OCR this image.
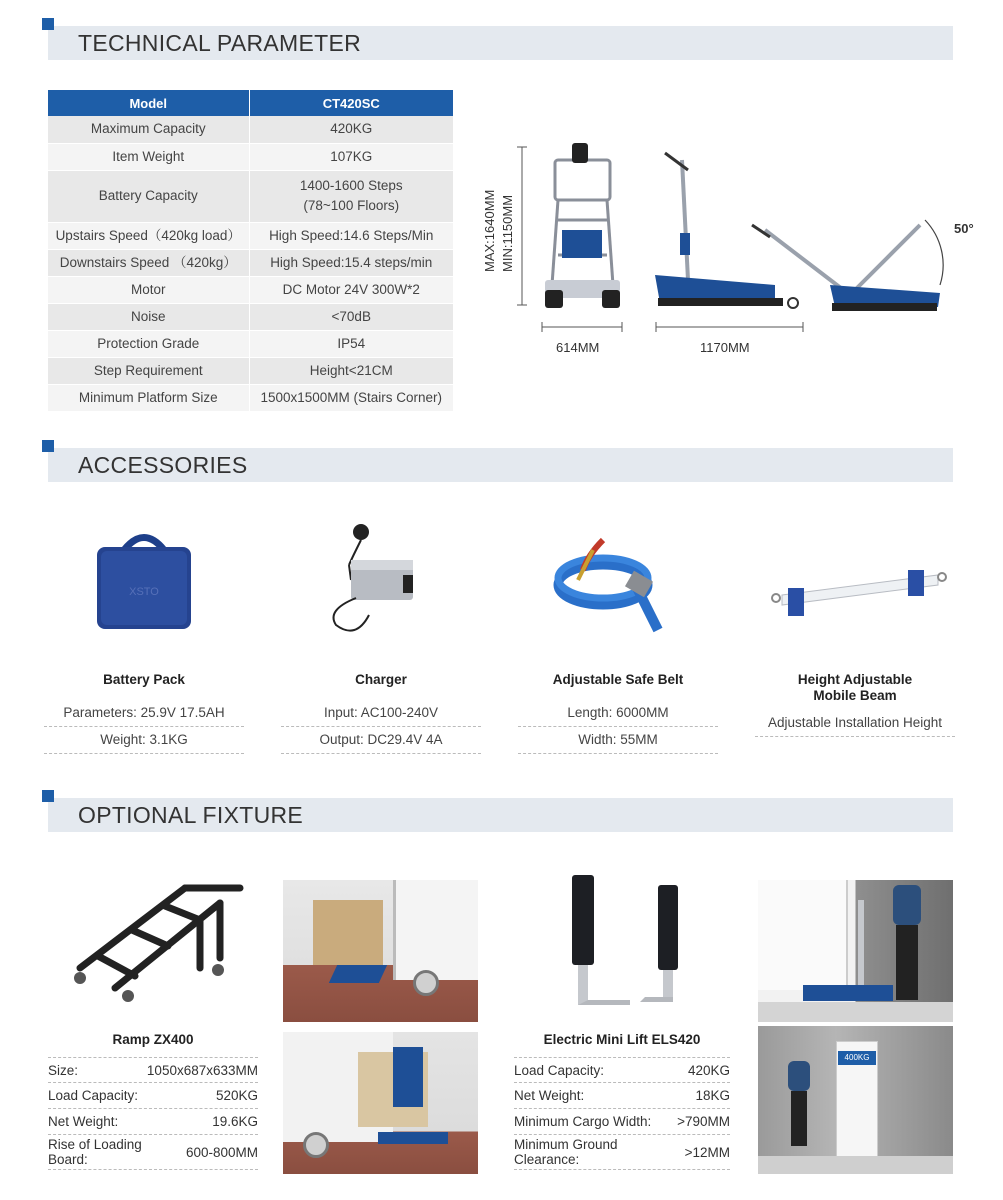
TECHNICAL PARAMETER
ACCESSORIES
OPTIONAL FIXTURE
Model	CT420SC
Maximum Capacity	420KG
Item Weight	107KG
Battery Capacity	1400-1600 Steps
(78~100 Floors)
Upstairs Speed（420kg load）	High Speed:14.6 Steps/Min
Downstairs Speed （420kg）	High Speed:15.4 steps/min
Motor	DC Motor 24V 300W*2
Noise	<70dB
Protection Grade	IP54
Step Requirement	Height<21CM
Minimum Platform Size	1500x1500MM (Stairs Corner)
MAX:1640MM MIN:1150MM
614MM	1170MM
50°
XSTO
Battery Pack
Parameters: 25.9V 17.5AH
Weight: 3.1KG
Charger
Input: AC100-240V
Output: DC29.4V 4A
Adjustable Safe Belt
Length: 6000MM
Width: 55MM
Height Adjustable
Mobile Beam
Adjustable Installation Height
Ramp ZX400
Size:	1050x687x633MM
Load Capacity:	520KG
Net Weight:	19.6KG
Rise of Loading
Board:	600-800MM
Electric Mini Lift ELS420
Load Capacity:	420KG
Net Weight:	18KG
Minimum Cargo Width: >790MM
Minimum Ground
Clearance:	>12MM
400KG
